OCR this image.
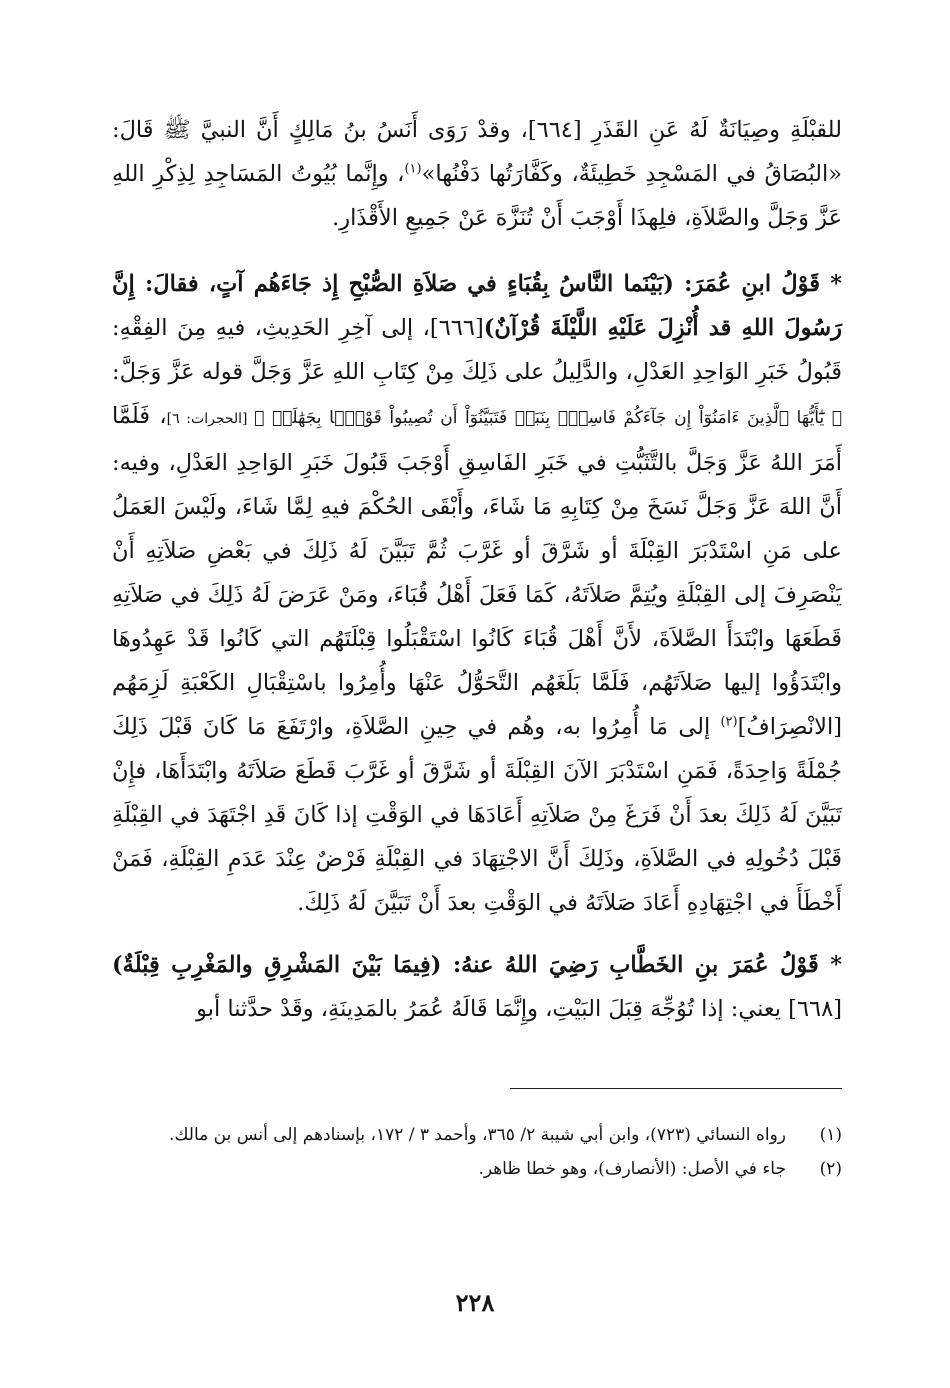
للقبْلَةِ وصِيَانَةٌ لَهُ عَنِ القَذَرِ [٦٦٤]، وقدْ رَوَى أَنَسُ بنُ مَالِكٍ أَنَّ النبيَّ ﷺ قَالَ: «البُصَاقُ في المَسْجِدِ خَطِيئَةٌ، وكَفَّارَتُها دَفْنُها»$^{(١)}$، وإِنَّما بُيُوتُ المَسَاجِدِ لِذِكْرِ اللهِ عَزَّ وَجَلَّ والصَّلاَةِ، فلِهذَا أَوْجَبَ أَنْ تُنَزَّهَ عَنْ جَمِيعِ الأَقْذَارِ.

* قَوْلُ ابنِ عُمَرَ: (بَيْنَما النَّاسُ بِقُبَاءٍ في صَلاَةِ الصُّبْحِ إِذ جَاءَهُم آتٍ، فقالَ: إِنَّ رَسُولَ اللهِ قد أُنْزِلَ عَلَيْهِ اللَّيْلَةَ قُرْآنٌ)[٦٦٦]، إلى آخِرِ الحَدِيثِ، فيهِ مِنَ الفِقْهِ: قَبُولُ خَبَرِ الوَاحِدِ العَدْلِ، والدَّلِيلُ على ذَلِكَ مِنْ كِتَابِ اللهِ عَزَّ وَجَلَّ قوله عَزَّ وَجَلَّ: ﴿ يَٰٓأَيُّهَا ٱلَّذِينَ ءَامَنُوٓاْ إِن جَآءَكُمْ فَاسِقٌۢ بِنَبَإٖ فَتَبَيَّنُوٓاْ أَن تُصِيبُواْ قَوْمَۢا بِجَهَٰلَةٖ ﴾ [الحجرات: ٦]، فَلَمَّا أَمَرَ اللهُ عَزَّ وَجَلَّ بالتَّثَبُّتِ في خَبَرِ الفَاسِقِ أَوْجَبَ قَبُولَ خَبَرِ الوَاحِدِ العَدْلِ، وفيه: أَنَّ اللهَ عَزَّ وَجَلَّ نَسَخَ مِنْ كِتَابِهِ مَا شَاءَ، وأَبْقَى الحُكْمَ فيهِ لِمَّا شَاءَ، ولَيْسَ العَمَلُ على مَنِ اسْتَدْبَرَ القِبْلَةَ أو شَرَّقَ أو غَرَّبَ ثُمَّ تَبَيَّنَ لَهُ ذَلِكَ في بَعْضِ صَلاَتِهِ أَنْ يَنْصَرِفَ إلى القِبْلَةِ ويُتِمَّ صَلاَتَهُ، كَمَا فَعَلَ أَهْلُ قُبَاءَ، ومَنْ عَرَضَ لَهُ ذَلِكَ في صَلاَتِهِ قَطَعَهَا وابْتَدَأَ الصَّلاَةَ، لأَنَّ أَهْلَ قُبَاءَ كَانُوا اسْتَقْبَلُوا قِبْلَتَهُم التي كَانُوا قَدْ عَهِدُوهَا وابْتَدَؤُوا إليها صَلاَتَهُم، فَلَمَّا بَلَغَهُم التَّحَوُّلُ عَنْهَا وأُمِرُوا باسْتِقْبَالِ الكَعْبَةِ لَزِمَهُم [الانْصِرَافُ]$^{(٢)}$ إلى مَا أُمِرُوا به، وهُم في حِينِ الصَّلاَةِ، وارْتَفَعَ مَا كَانَ قَبْلَ ذَلِكَ جُمْلَةً وَاحِدَةً، فَمَنِ اسْتَدْبَرَ الآنَ القِبْلَةَ أو شَرَّقَ أو غَرَّبَ قَطَعَ صَلاَتَهُ وابْتَدَأَهَا، فإِنْ تَبَيَّنَ لَهُ ذَلِكَ بعدَ أَنْ فَرَغَ مِنْ صَلاَتِهِ أَعَادَهَا في الوَقْتِ إذا كَانَ قَدِ اجْتَهَدَ في القِبْلَةِ قَبْلَ دُخُولِهِ في الصَّلاَةِ، وذَلِكَ أَنَّ الاجْتِهَادَ في القِبْلَةِ فَرْضٌ عِنْدَ عَدَمِ القِبْلَةِ، فَمَنْ أَخْطَأَ في اجْتِهَادِهِ أَعَادَ صَلاَتَهُ في الوَقْتِ بعدَ أَنْ تَبَيَّنَ لَهُ ذَلِكَ.

* قَوْلُ عُمَرَ بنِ الخَطَّابِ رَضِيَ اللهُ عنهُ: (فِيمَا بَيْنَ المَشْرِقِ والمَغْرِبِ قِبْلَةٌ)[٦٦٨] يعني: إذا تُوُجِّهَ قِبَلَ البَيْتِ، وإِنَّمَا قَالَهُ عُمَرُ بالمَدِينَةِ، وقَدْ حدَّثنا أبو

(١)
رواه النسائي (٧٢٣)، وابن أبي شيبة ٢/ ٣٦٥، وأحمد ٣ / ١٧٢، بإسنادهم إلى أنس بن مالك.
(٢)
جاء في الأصل: (الأنصارف)، وهو خطا ظاهر.
٢٢٨
